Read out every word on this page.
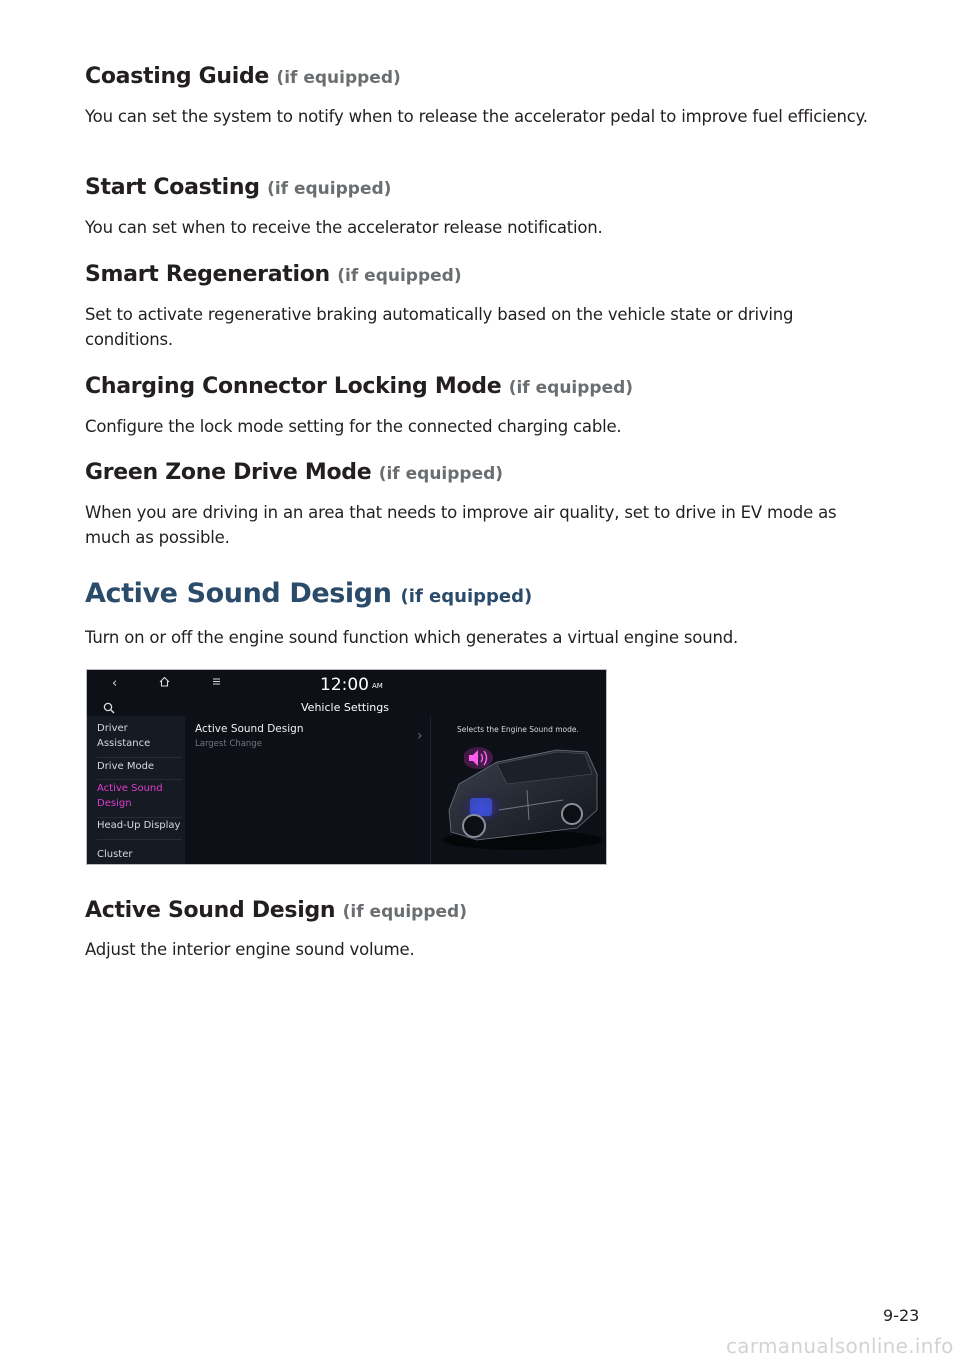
Coasting Guide (if equipped)

You can set the system to notify when to release the accelerator pedal to improve fuel efficiency.

Start Coasting (if equipped)

You can set when to receive the accelerator release notification.

Smart Regeneration (if equipped)

Set to activate regenerative braking automatically based on the vehicle state or driving conditions.

Charging Connector Locking Mode (if equipped)

Configure the lock mode setting for the connected charging cable.

Green Zone Drive Mode (if equipped)

When you are driving in an area that needs to improve air quality, set to drive in EV mode as much as possible.

Active Sound Design (if equipped)

Turn on or off the engine sound function which generates a virtual engine sound.

‹	12:00 AM
Vehicle Settings
Driver Assistance
Drive Mode
Active Sound Design
Head-Up Display
Cluster
Active Sound Design
Largest Change	›	Selects the Engine Sound mode.
Active Sound Design (if equipped)

Adjust the interior engine sound volume.

9-23
carmanualsonline.info
